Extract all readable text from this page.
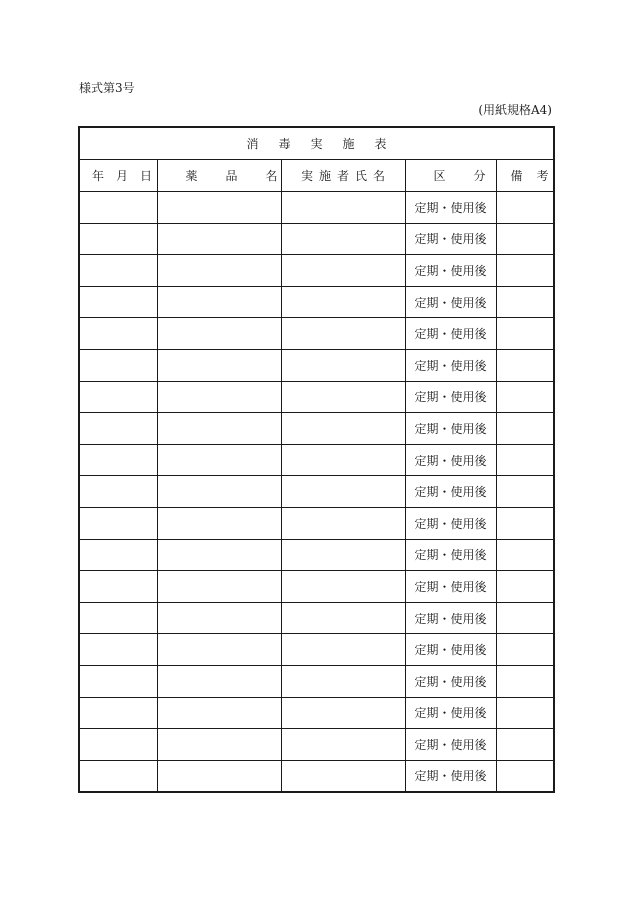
様式第3号
(用紙規格A4)
消毒実施表				
年月日	薬品名	実施者氏名	区分	備考
			定期・使用後	
			定期・使用後	
			定期・使用後	
			定期・使用後	
			定期・使用後	
			定期・使用後	
			定期・使用後	
			定期・使用後	
			定期・使用後	
			定期・使用後	
			定期・使用後	
			定期・使用後	
			定期・使用後	
			定期・使用後	
			定期・使用後	
			定期・使用後	
			定期・使用後	
			定期・使用後	
			定期・使用後	
